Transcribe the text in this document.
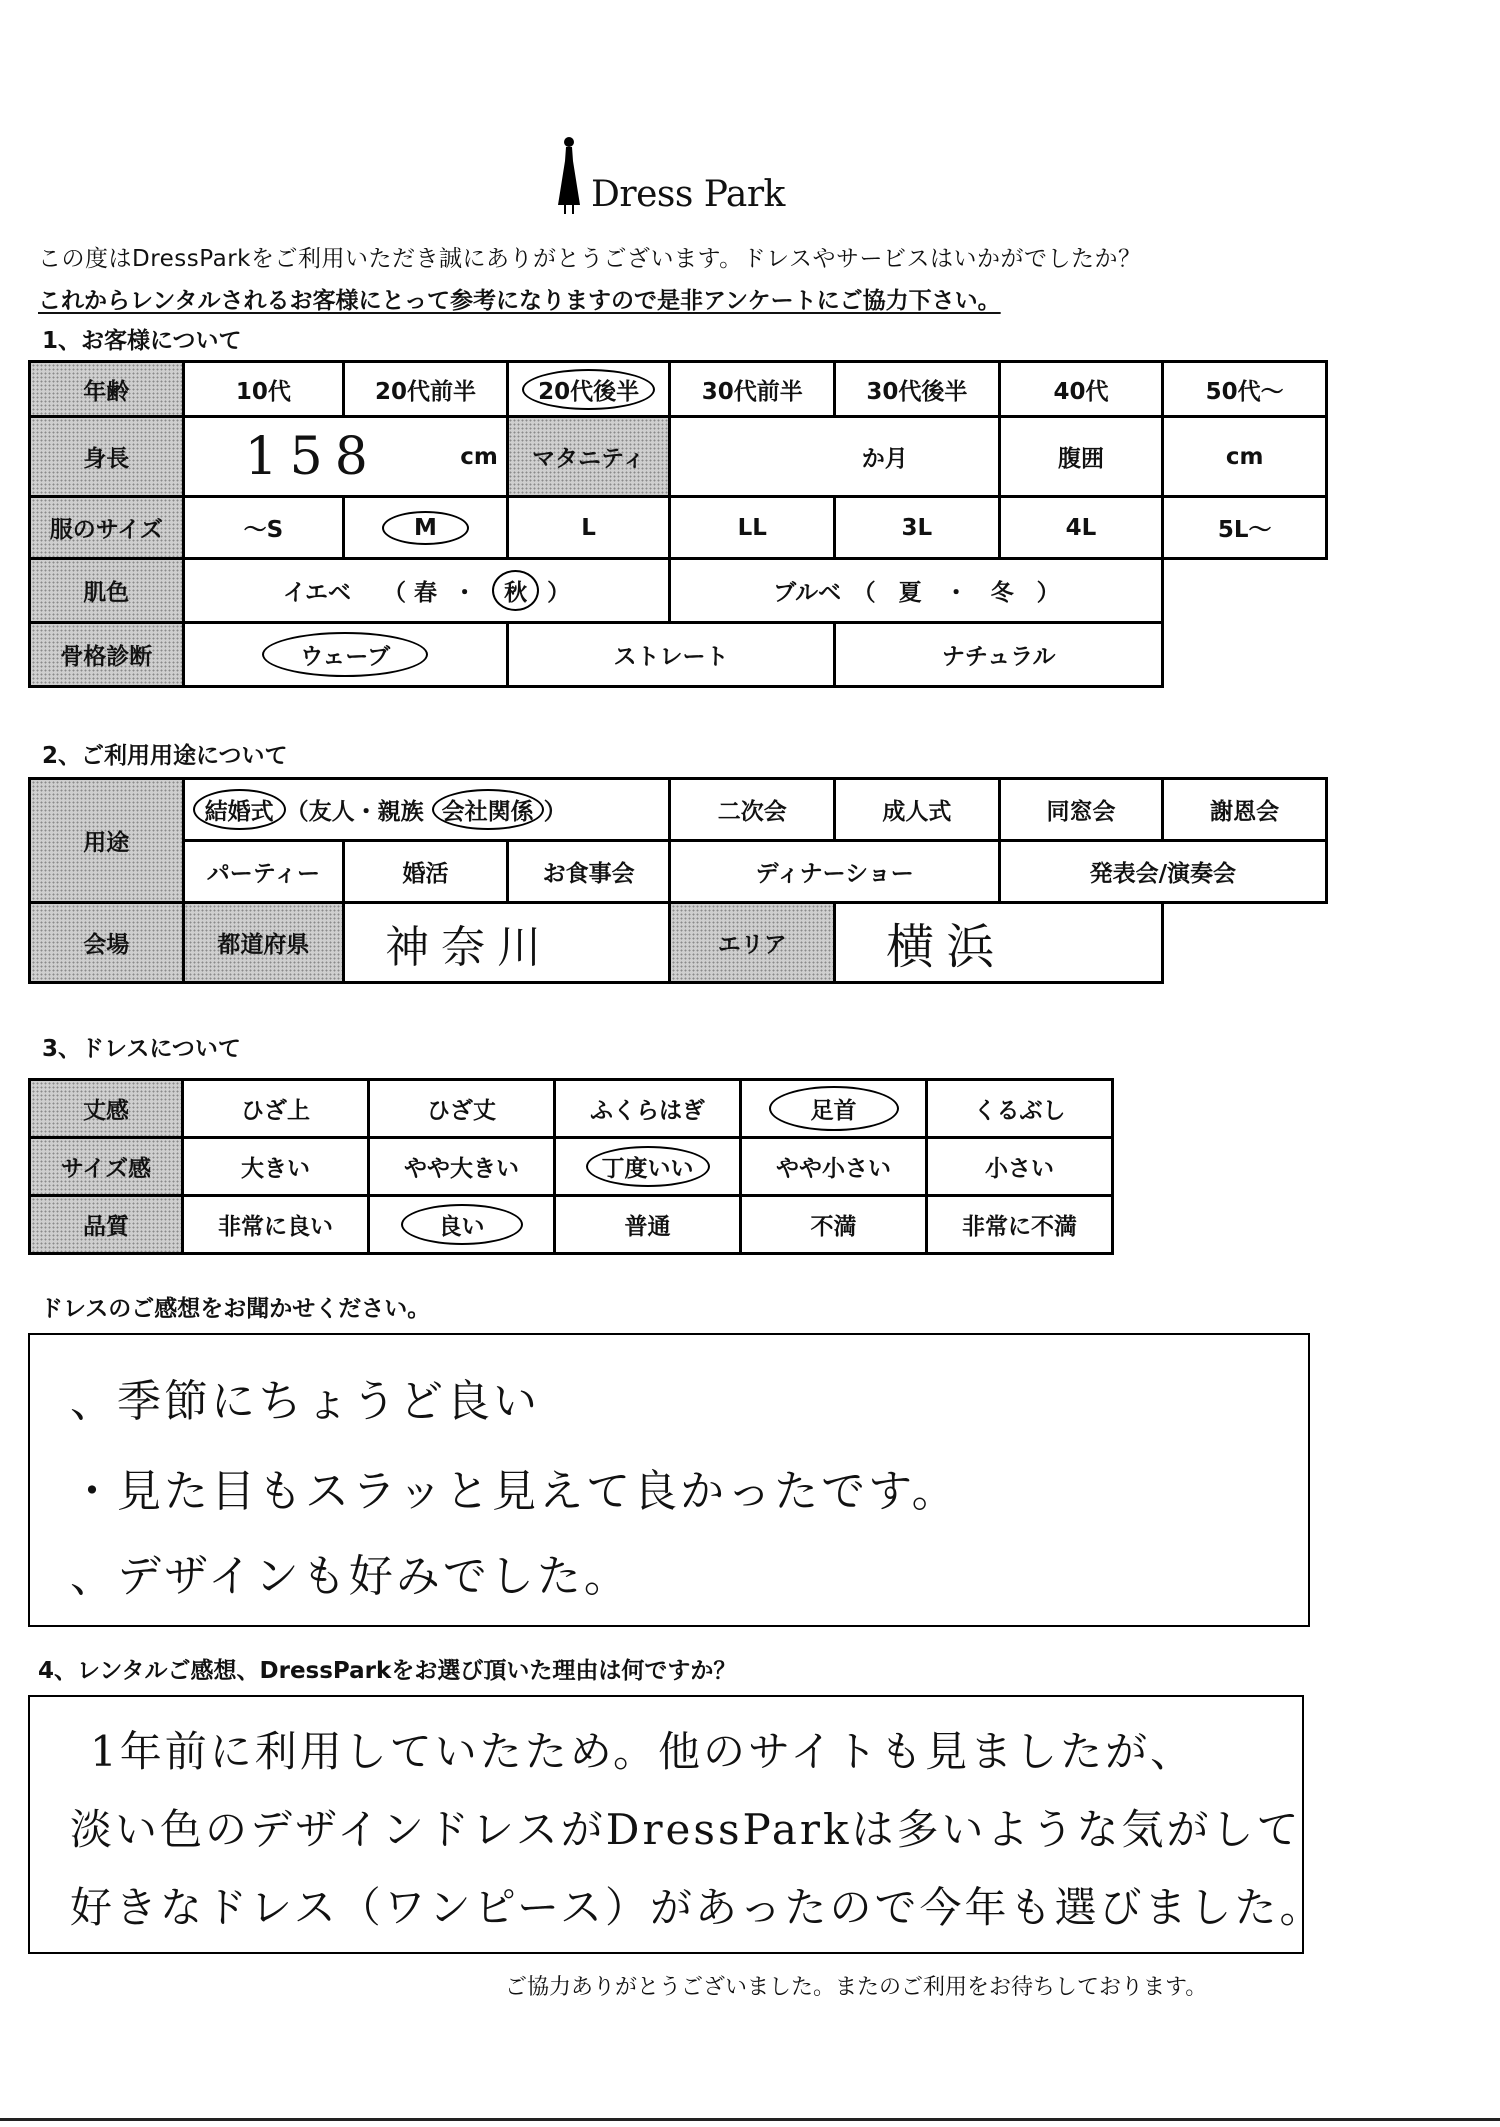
Dress Park
この度はDressParkをご利用いただき誠にありがとうございます。ドレスやサービスはいかがでしたか？
これからレンタルされるお客様にとって参考になりますので是非アンケートにご協力下さい。
1、お客様について
年齢	10代	20代前半	20代後半	30代前半	30代後半	40代	50代〜
身長	158 cm		マタニティ	か月		腹囲	cm
服のサイズ	〜S	M	L	LL	3L	4L	5L〜
肌色	イエベ （ 春 ・ 秋 ）			ブルベ　（　夏　・　冬　）			
骨格診断	ウェーブ		ストレート		ナチュラル		
2、ご利用用途について
用途	結婚式 （友人・親族 会社関係 ）			二次会	成人式	同窓会	謝恩会
	パーティー	婚活	お食事会	ディナーショー		発表会/演奏会	
会場	都道府県	神奈川		エリア	横浜		
3、ドレスについて
丈感	ひざ上	ひざ丈	ふくらはぎ	足首	くるぶし
サイズ感	大きい	やや大きい	丁度いい	やや小さい	小さい
品質	非常に良い	良い	普通	不満	非常に不満
ドレスのご感想をお聞かせください。
、季節にちょうど良い
・見た目もスラッと見えて良かったです。
、デザインも好みでした。
4、レンタルご感想、DressParkをお選び頂いた理由は何ですか？
1年前に利用していたため。他のサイトも見ましたが、
淡い色のデザインドレスがDressParkは多いような気がして
好きなドレス（ワンピース）があったので今年も選びました。
ご協力ありがとうございました。またのご利用をお待ちしております。
